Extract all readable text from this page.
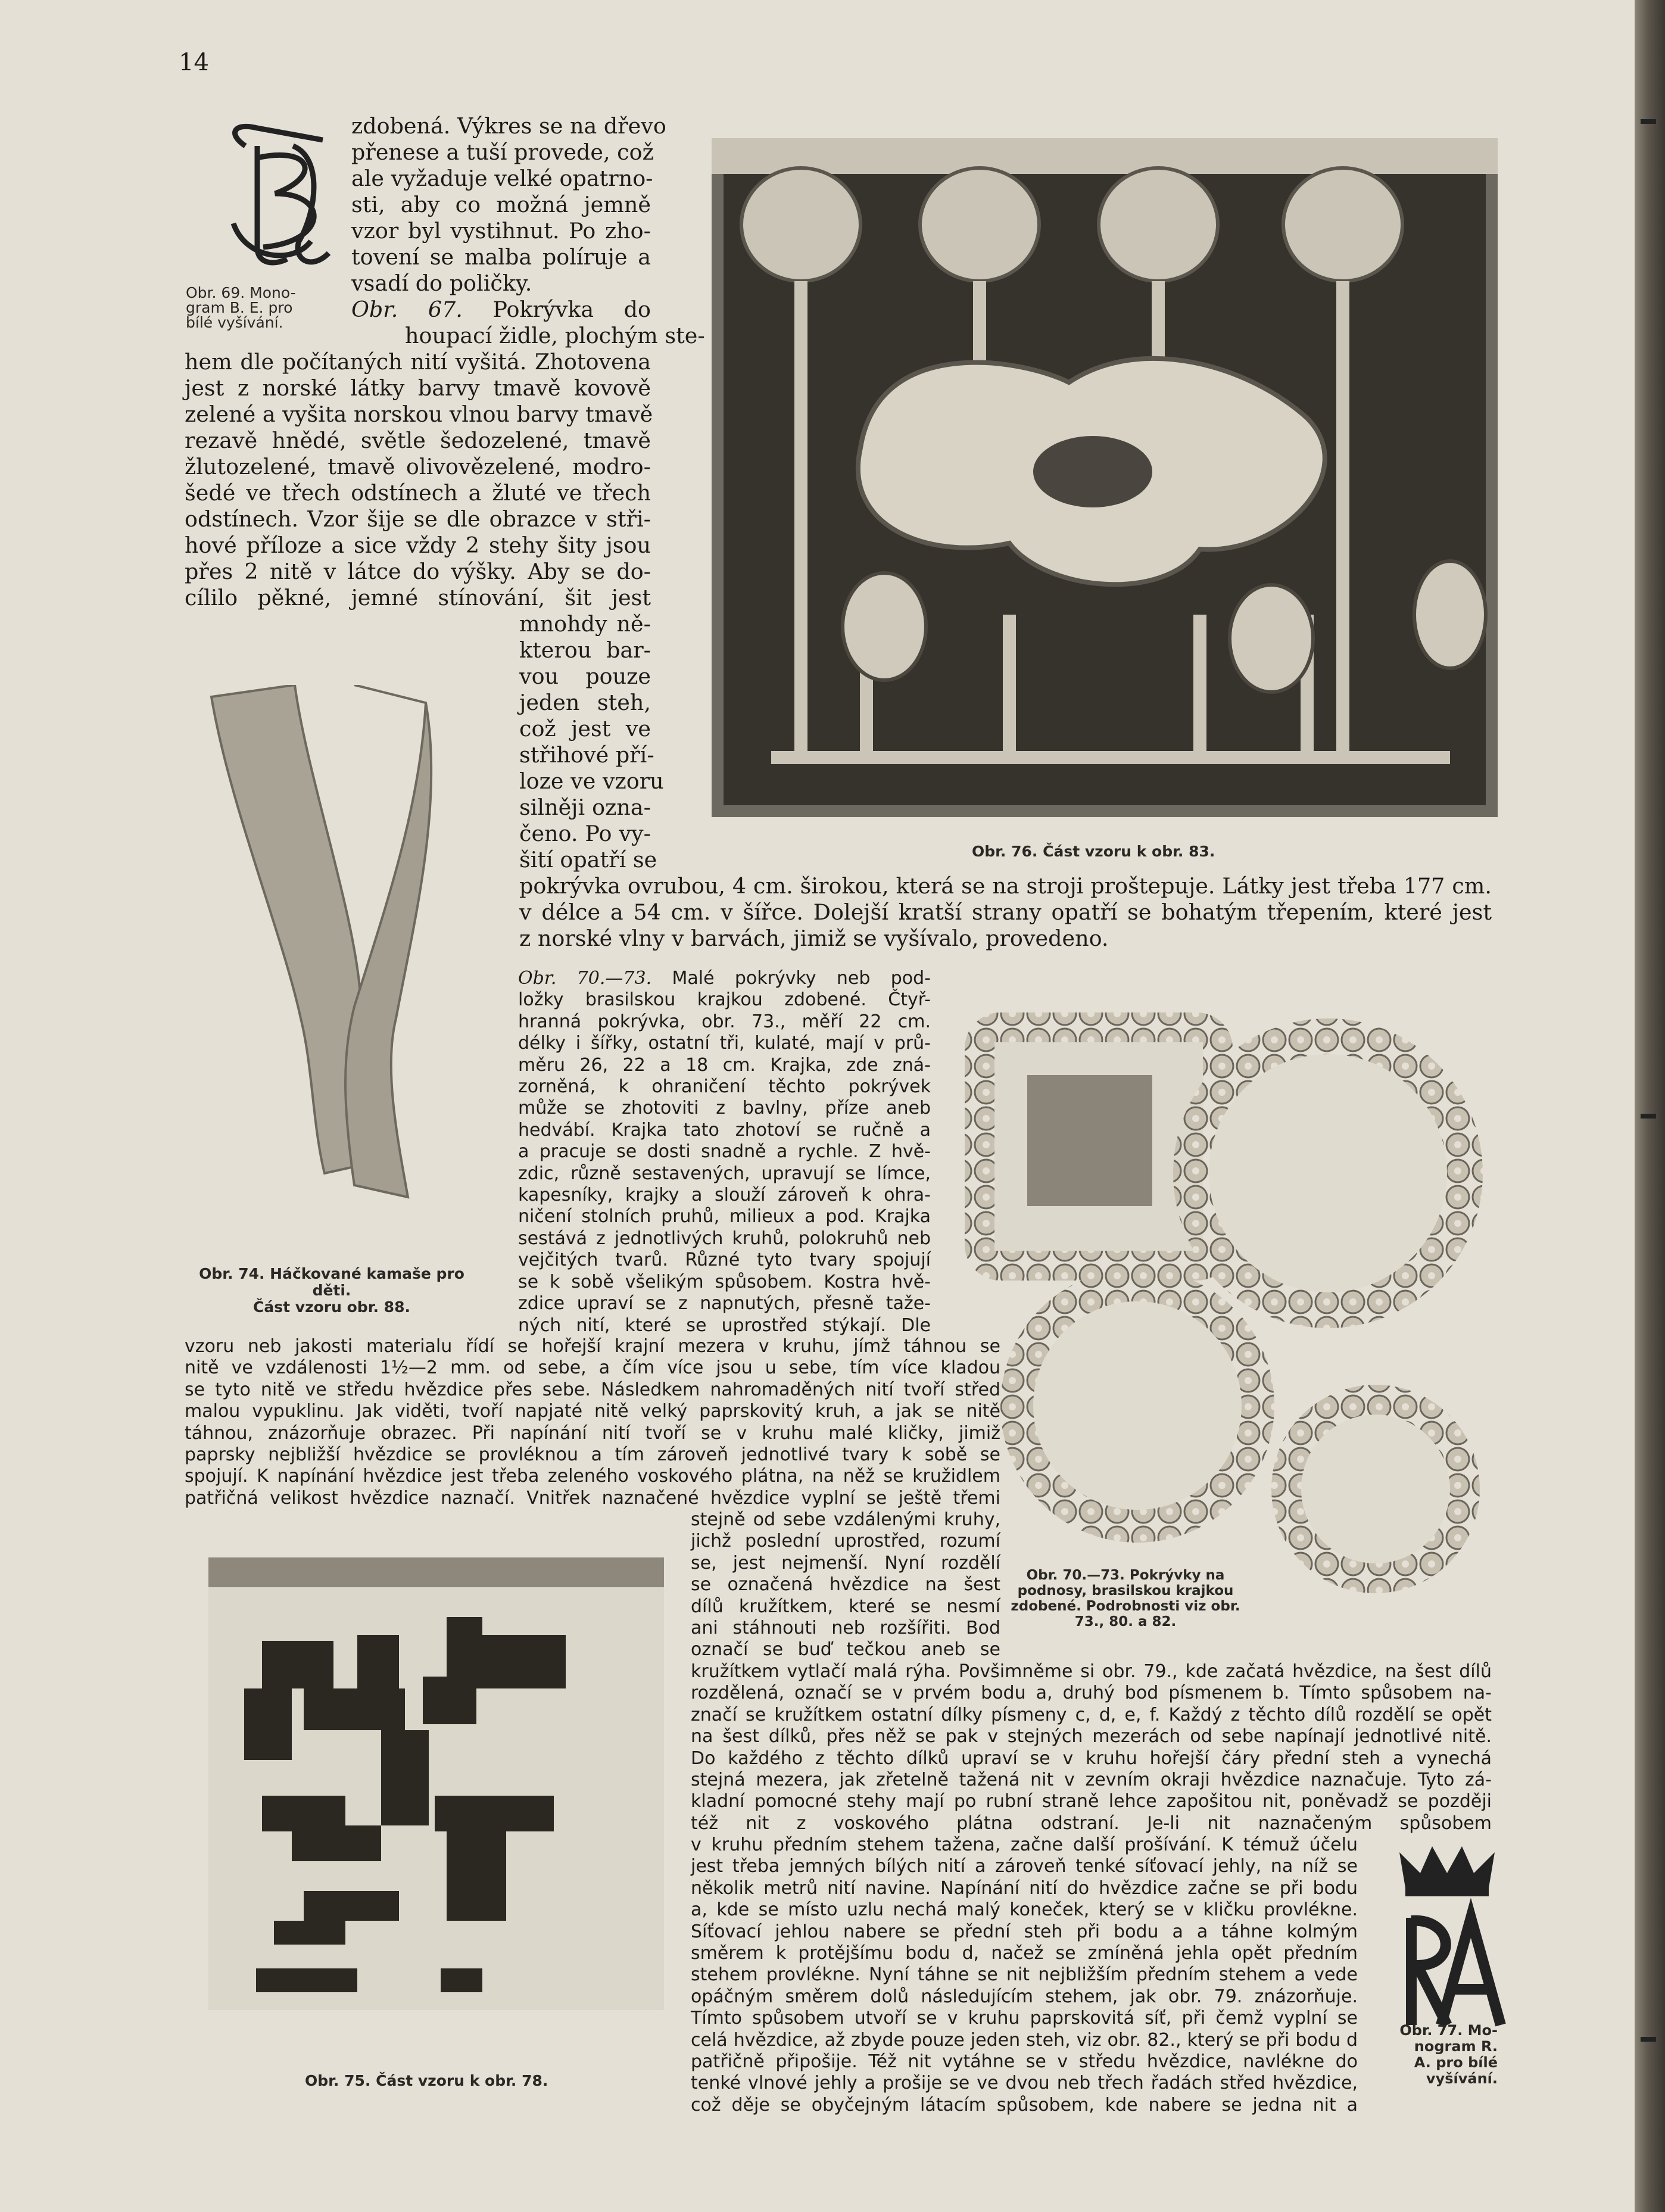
14
BE
Obr. 69. Mono-
gram B. E. pro
bílé vyšívání.
zdobená. Výkres se na dřevo
přenese a tuší provede, což
ale vyžaduje velké opatrno-
sti, aby co možná jemně
vzor byl vystihnut. Po zho-
tovení se malba políruje a
vsadí do poličky.
Obr. 67. Pokrývka do
houpací židle, plochým ste-
hem dle počítaných nití vyšitá. Zhotovena
jest z norské látky barvy tmavě kovově
zelené a vyšita norskou vlnou barvy tmavě
rezavě hnědé, světle šedozelené, tmavě
žlutozelené, tmavě olivovězelené, modro-
šedé ve třech odstínech a žluté ve třech
odstínech. Vzor šije se dle obrazce v stři-
hové příloze a sice vždy 2 stehy šity jsou
přes 2 nitě v látce do výšky. Aby se do-
cílilo pěkné, jemné stínování, šit jest
mnohdy ně-
kterou bar-
vou pouze
jeden steh,
což jest ve
střihové pří-
loze ve vzoru
silněji ozna-
čeno. Po vy-
šití opatří se
pokrývka ovrubou, 4 cm. širokou, která se na stroji proštepuje. Látky jest třeba 177 cm.
v délce a 54 cm. v šířce. Dolejší kratší strany opatří se bohatým třepením, které jest
z norské vlny v barvách, jimiž se vyšívalo, provedeno.
Obr. 76. Část vzoru k obr. 83.
Obr. 74. Háčkované kamaše pro děti.
Část vzoru obr. 88.
Obr. 70.—73. Malé pokrývky neb pod-
ložky brasilskou krajkou zdobené. Čtyř-
hranná pokrývka, obr. 73., měří 22 cm.
délky i šířky, ostatní tři, kulaté, mají v prů-
měru 26, 22 a 18 cm. Krajka, zde zná-
zorněná, k ohraničení těchto pokrývek
může se zhotoviti z bavlny, příze aneb
hedvábí. Krajka tato zhotoví se ručně a
a pracuje se dosti snadně a rychle. Z hvě-
zdic, různě sestavených, upravují se límce,
kapesníky, krajky a slouží zároveň k ohra-
ničení stolních pruhů, milieux a pod. Krajka
sestává z jednotlivých kruhů, polokruhů neb
vejčitých tvarů. Různé tyto tvary spojují
se k sobě všelikým spůsobem. Kostra hvě-
zdice upraví se z napnutých, přesně tažе-
ných nití, které se uprostřed stýkají. Dle
vzoru neb jakosti materialu řídí se hořejší krajní mezera v kruhu, jímž táhnou se
nitě ve vzdálenosti 1½—2 mm. od sebe, a čím více jsou u sebe, tím více kladou
se tyto nitě ve středu hvězdice přes sebe. Následkem nahromaděných nití tvoří střed
malou vypuklinu. Jak viděti, tvoří napjaté nitě velký paprskovitý kruh, a jak se nitě
táhnou, znázorňuje obrazec. Při napínání nití tvoří se v kruhu malé kličky, jimiž
paprsky nejbližší hvězdice se provléknou a tím zároveň jednotlivé tvary k sobě se
spojují. K napínání hvězdice jest třeba zeleného voskového plátna, na něž se kružidlem
patřičná velikost hvězdice naznačí. Vnitřek naznačené hvězdice vyplní se ještě třemi
stejně od sebe vzdálenými kruhy,
jichž poslední uprostřed, rozumí
se, jest nejmenší. Nyní rozdělí
se označená hvězdice na šest
dílů kružítkem, které se nesmí
ani stáhnouti neb rozšířiti. Bod
označí se buď tečkou aneb se
kružítkem vytlačí malá rýha. Povšimněme si obr. 79., kde začatá hvězdice, na šest dílů
rozdělená, označí se v prvém bodu a, druhý bod písmenem b. Tímto spůsobem na-
značí se kružítkem ostatní dílky písmeny c, d, e, f. Každý z těchto dílů rozdělí se opět
na šest dílků, přes něž se pak v stejných mezerách od sebe napínají jednotlivé nitě.
Do každého z těchto dílků upraví se v kruhu hořejší čáry přední steh a vynechá
stejná mezera, jak zřetelně tažená nit v zevním okraji hvězdice naznačuje. Tyto zá-
kladní pomocné stehy mají po rubní straně lehce zapošitou nit, poněvadž se později
též nit z voskového plátna odstraní. Je-li nit naznačeným spůsobem
v kruhu předním stehem tažena, začne další prošívání. K témuž účelu
jest třeba jemných bílých nití a zároveň tenké síťovací jehly, na níž se
několik metrů nití navine. Napínání nití do hvězdice začne se při bodu
a, kde se místo uzlu nechá malý koneček, který se v kličku provlékne.
Síťovací jehlou nabere se přední steh při bodu a a táhne kolmým
směrem k protějšímu bodu d, načež se zmíněná jehla opět předním
stehem provlékne. Nyní táhne se nit nejbližším předním stehem a vede
opáčným směrem dolů následujícím stehem, jak obr. 79. znázorňuje.
Tímto spůsobem utvoří se v kruhu paprskovitá síť, při čemž vyplní se
celá hvězdice, až zbyde pouze jeden steh, viz obr. 82., který se při bodu d
patřičně připošije. Též nit vytáhne se v středu hvězdice, navlékne do
tenké vlnové jehly a prošije se ve dvou neb třech řadách střed hvězdice,
což děje se obyčejným látacím spůsobem, kde nabere se jedna nit a
Obr. 70.—73. Pokrývky na
podnosy, brasilskou krajkou
zdobené. Podrobnosti viz obr.
73., 80. a 82.
Obr. 75. Část vzoru k obr. 78.
RA
Obr. 77. Mo-
nogram R.
A. pro bílé
vyšívání.
